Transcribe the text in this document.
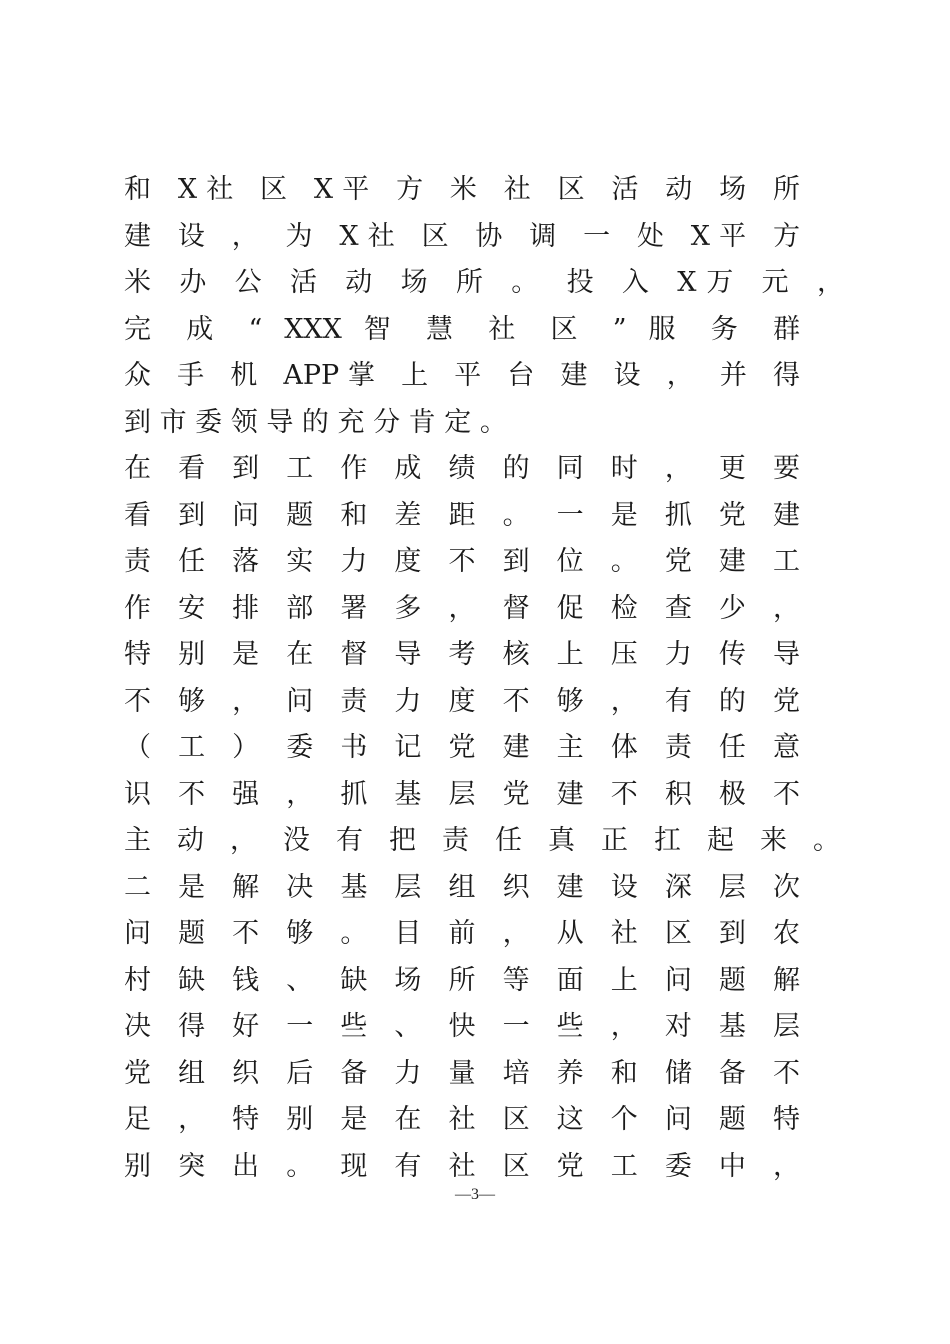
和 X社 区 X平 方 米 社 区 活 动 场 所
建 设 ， 为 X社 区 协 调 一 处 X平 方
米 办 公 活 动 场 所 。 投 入 X万 元 ，
完 成 “ XXX 智 慧 社 区 ” 服 务 群
众 手 机 APP掌 上 平 台 建 设 ， 并 得
到 市 委 领 导 的 充 分 肯 定 。
在 看 到 工 作 成 绩 的 同 时 ， 更 要
看 到 问 题 和 差 距 。 一 是 抓 党 建
责 任 落 实 力 度 不 到 位 。 党 建 工
作 安 排 部 署 多 ， 督 促 检 查 少 ，
特 别 是 在 督 导 考 核 上 压 力 传 导
不 够 ， 问 责 力 度 不 够 ， 有 的 党
（ 工 ） 委 书 记 党 建 主 体 责 任 意
识 不 强 ， 抓 基 层 党 建 不 积 极 不
主 动 ， 没 有 把 责 任 真 正 扛 起 来 。
二 是 解 决 基 层 组 织 建 设 深 层 次
问 题 不 够 。 目 前 ， 从 社 区 到 农
村 缺 钱 、 缺 场 所 等 面 上 问 题 解
决 得 好 一 些 、 快 一 些 ， 对 基 层
党 组 织 后 备 力 量 培 养 和 储 备 不
足 ， 特 别 是 在 社 区 这 个 问 题 特
别 突 出 。 现 有 社 区 党 工 委 中 ，
—3—
